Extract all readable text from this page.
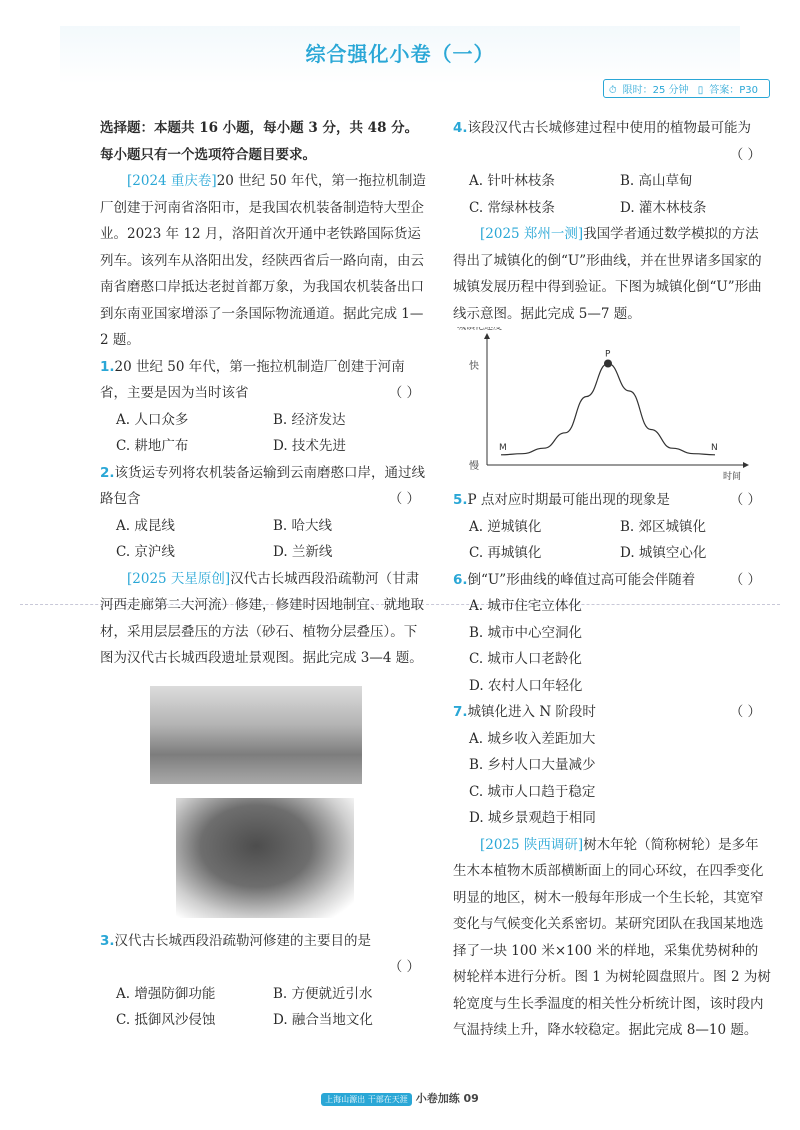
综合强化小卷（一）
⏱ 限时：25 分钟 ▯ 答案：P30

选择题：本题共 16 小题，每小题 3 分，共 48 分。每小题只有一个选项符合题目要求。

[2024 重庆卷]20 世纪 50 年代，第一拖拉机制造厂创建于河南省洛阳市，是我国农机装备制造特大型企业。2023 年 12 月，洛阳首次开通中老铁路国际货运列车。该列车从洛阳出发，经陕西省后一路向南，由云南省磨憨口岸抵达老挝首都万象，为我国农机装备出口到东南亚国家增添了一条国际物流通道。据此完成 1—2 题。

1.20 世纪 50 年代，第一拖拉机制造厂创建于河南省，主要是因为当时该省	（ ）

A. 人口众多	B. 经济发达
C. 耕地广布	D. 技术先进

2.该货运专列将农机装备运输到云南磨憨口岸，通过线路包含	（ ）

A. 成昆线	B. 哈大线
C. 京沪线	D. 兰新线

[2025 天星原创]汉代古长城西段沿疏勒河（甘肃河西走廊第二大河流）修建，修建时因地制宜、就地取材，采用层层叠压的方法（砂石、植物分层叠压）。下图为汉代古长城西段遗址景观图。据此完成 3—4 题。

3.汉代古长城西段沿疏勒河修建的主要目的是

（ ）

A. 增强防御功能	B. 方便就近引水
C. 抵御风沙侵蚀	D. 融合当地文化

4.该段汉代古长城修建过程中使用的植物最可能为

（ ）

A. 针叶林枝条	B. 高山草甸
C. 常绿林枝条	D. 灌木林枝条

[2025 郑州一测]我国学者通过数学模拟的方法得出了城镇化的倒“U”形曲线，并在世界诸多国家的城镇发展历程中得到验证。下图为城镇化倒“U”形曲线示意图。据此完成 5—7 题。

城镇化速度
时间
快
慢
P
M	N
5.P 点对应时期最可能出现的现象是	（ ）
A. 逆城镇化	B. 郊区城镇化
C. 再城镇化	D. 城镇空心化
6.倒“U”形曲线的峰值过高可能会伴随着	（ ）

A. 城市住宅立体化

B. 城市中心空洞化

C. 城市人口老龄化

D. 农村人口年轻化

7.城镇化进入 N 阶段时	（ ）

A. 城乡收入差距加大

B. 乡村人口大量减少

C. 城市人口趋于稳定

D. 城乡景观趋于相同

[2025 陕西调研]树木年轮（简称树轮）是多年生木本植物木质部横断面上的同心环纹，在四季变化明显的地区，树木一般每年形成一个生长轮，其宽窄变化与气候变化关系密切。某研究团队在我国某地选择了一块 100 米×100 米的样地，采集优势树种的树轮样本进行分析。图 1 为树轮圆盘照片。图 2 为树轮宽度与生长季温度的相关性分析统计图，该时段内气温持续上升，降水较稳定。据此完成 8—10 题。

上海山源出 干部在天涯 小卷加练 09
